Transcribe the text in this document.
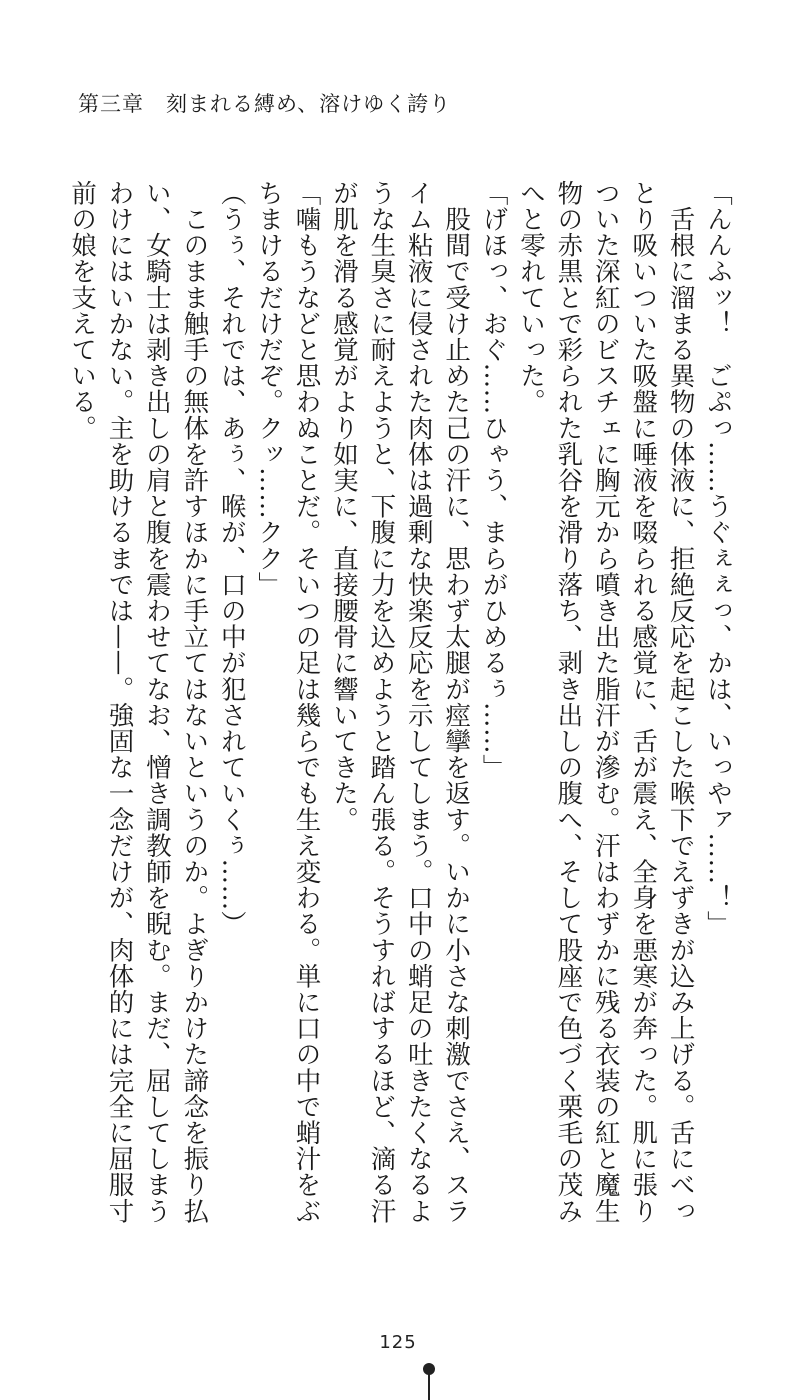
第三章 刻まれる縛め、溶けゆく誇り

「んんふッ！　ごぷっ……うぐぇぇっ、かは、いっやァ……！」

　舌根に溜まる異物の体液に、拒絶反応を起こした喉下でえずきが込み上げる。舌にべっ

とり吸いついた吸盤に唾液を啜られる感覚に、舌が震え、全身を悪寒が奔った。肌に張り

ついた深紅のビスチェに胸元から噴き出た脂汗が滲む。汗はわずかに残る衣装の紅と魔生

物の赤黒とで彩られた乳谷を滑り落ち、剥き出しの腹へ、そして股座で色づく栗毛の茂み

へと零れていった。

「げほっ、おぐ……ひゃう、まらがひめるぅ……」

　股間で受け止めた己の汗に、思わず太腿が痙攣を返す。いかに小さな刺激でさえ、スラ

イム粘液に侵された肉体は過剰な快楽反応を示してしまう。口中の蛸足の吐きたくなるよ

うな生臭さに耐えようと、下腹に力を込めようと踏ん張る。そうすればするほど、滴る汗

が肌を滑る感覚がより如実に、直接腰骨に響いてきた。

「噛もうなどと思わぬことだ。そいつの足は幾らでも生え変わる。単に口の中で蛸汁をぶ

ちまけるだけだぞ。クッ……クク」

（うぅ、それでは、あぅ、喉が、口の中が犯されていくぅ……）

　このまま触手の無体を許すほかに手立てはないというのか。よぎりかけた諦念を振り払

い、女騎士は剥き出しの肩と腹を震わせてなお、憎き調教師を睨む。まだ、屈してしまう

わけにはいかない。主を助けるまでは——。強固な一念だけが、肉体的には完全に屈服寸

前の娘を支えている。

125
